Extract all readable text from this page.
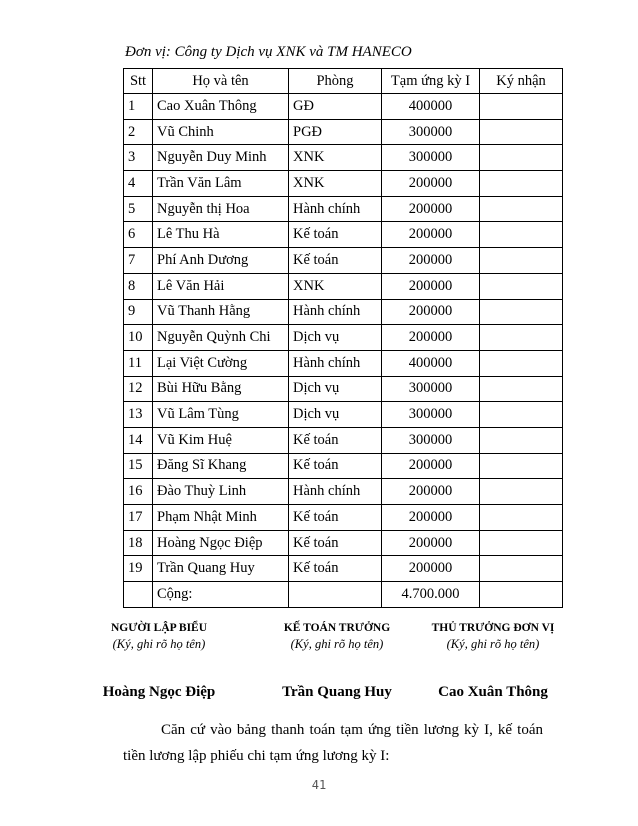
Đơn vị: Công ty Dịch vụ XNK và TM HANECO
Stt	Họ và tên	Phòng	Tạm ứng kỳ I	Ký nhận
1	Cao Xuân Thông	GĐ	400000	
2	Vũ Chinh	PGĐ	300000	
3	Nguyễn Duy Minh	XNK	300000	
4	Trần Văn Lâm	XNK	200000	
5	Nguyễn thị Hoa	Hành chính	200000	
6	Lê Thu Hà	Kế toán	200000	
7	Phí Anh Dương	Kế toán	200000	
8	Lê Văn Hải	XNK	200000	
9	Vũ Thanh Hằng	Hành chính	200000	
10	Nguyễn Quỳnh Chi	Dịch vụ	200000	
11	Lại Việt Cường	Hành chính	400000	
12	Bùi Hữu Bằng	Dịch vụ	300000	
13	Vũ Lâm Tùng	Dịch vụ	300000	
14	Vũ Kim Huệ	Kế toán	300000	
15	Đăng Sĩ Khang	Kế toán	200000	
16	Đào Thuỳ Linh	Hành chính	200000	
17	Phạm Nhật Minh	Kế toán	200000	
18	Hoàng Ngọc Điệp	Kế toán	200000	
19	Trần Quang Huy	Kế toán	200000	
	Cộng:		4.700.000	
NGƯỜI LẬP BIỂU
(Ký, ghi rõ họ tên)
Hoàng Ngọc Điệp
KẾ TOÁN TRƯỞNG
(Ký, ghi rõ họ tên)
Trần Quang Huy
THỦ TRƯỞNG ĐƠN VỊ
(Ký, ghi rõ họ tên)
Cao Xuân Thông
Căn cứ vào bảng thanh toán tạm ứng tiền lương kỳ I, kế toán tiền lương lập phiếu chi tạm ứng lương kỳ I:
41
